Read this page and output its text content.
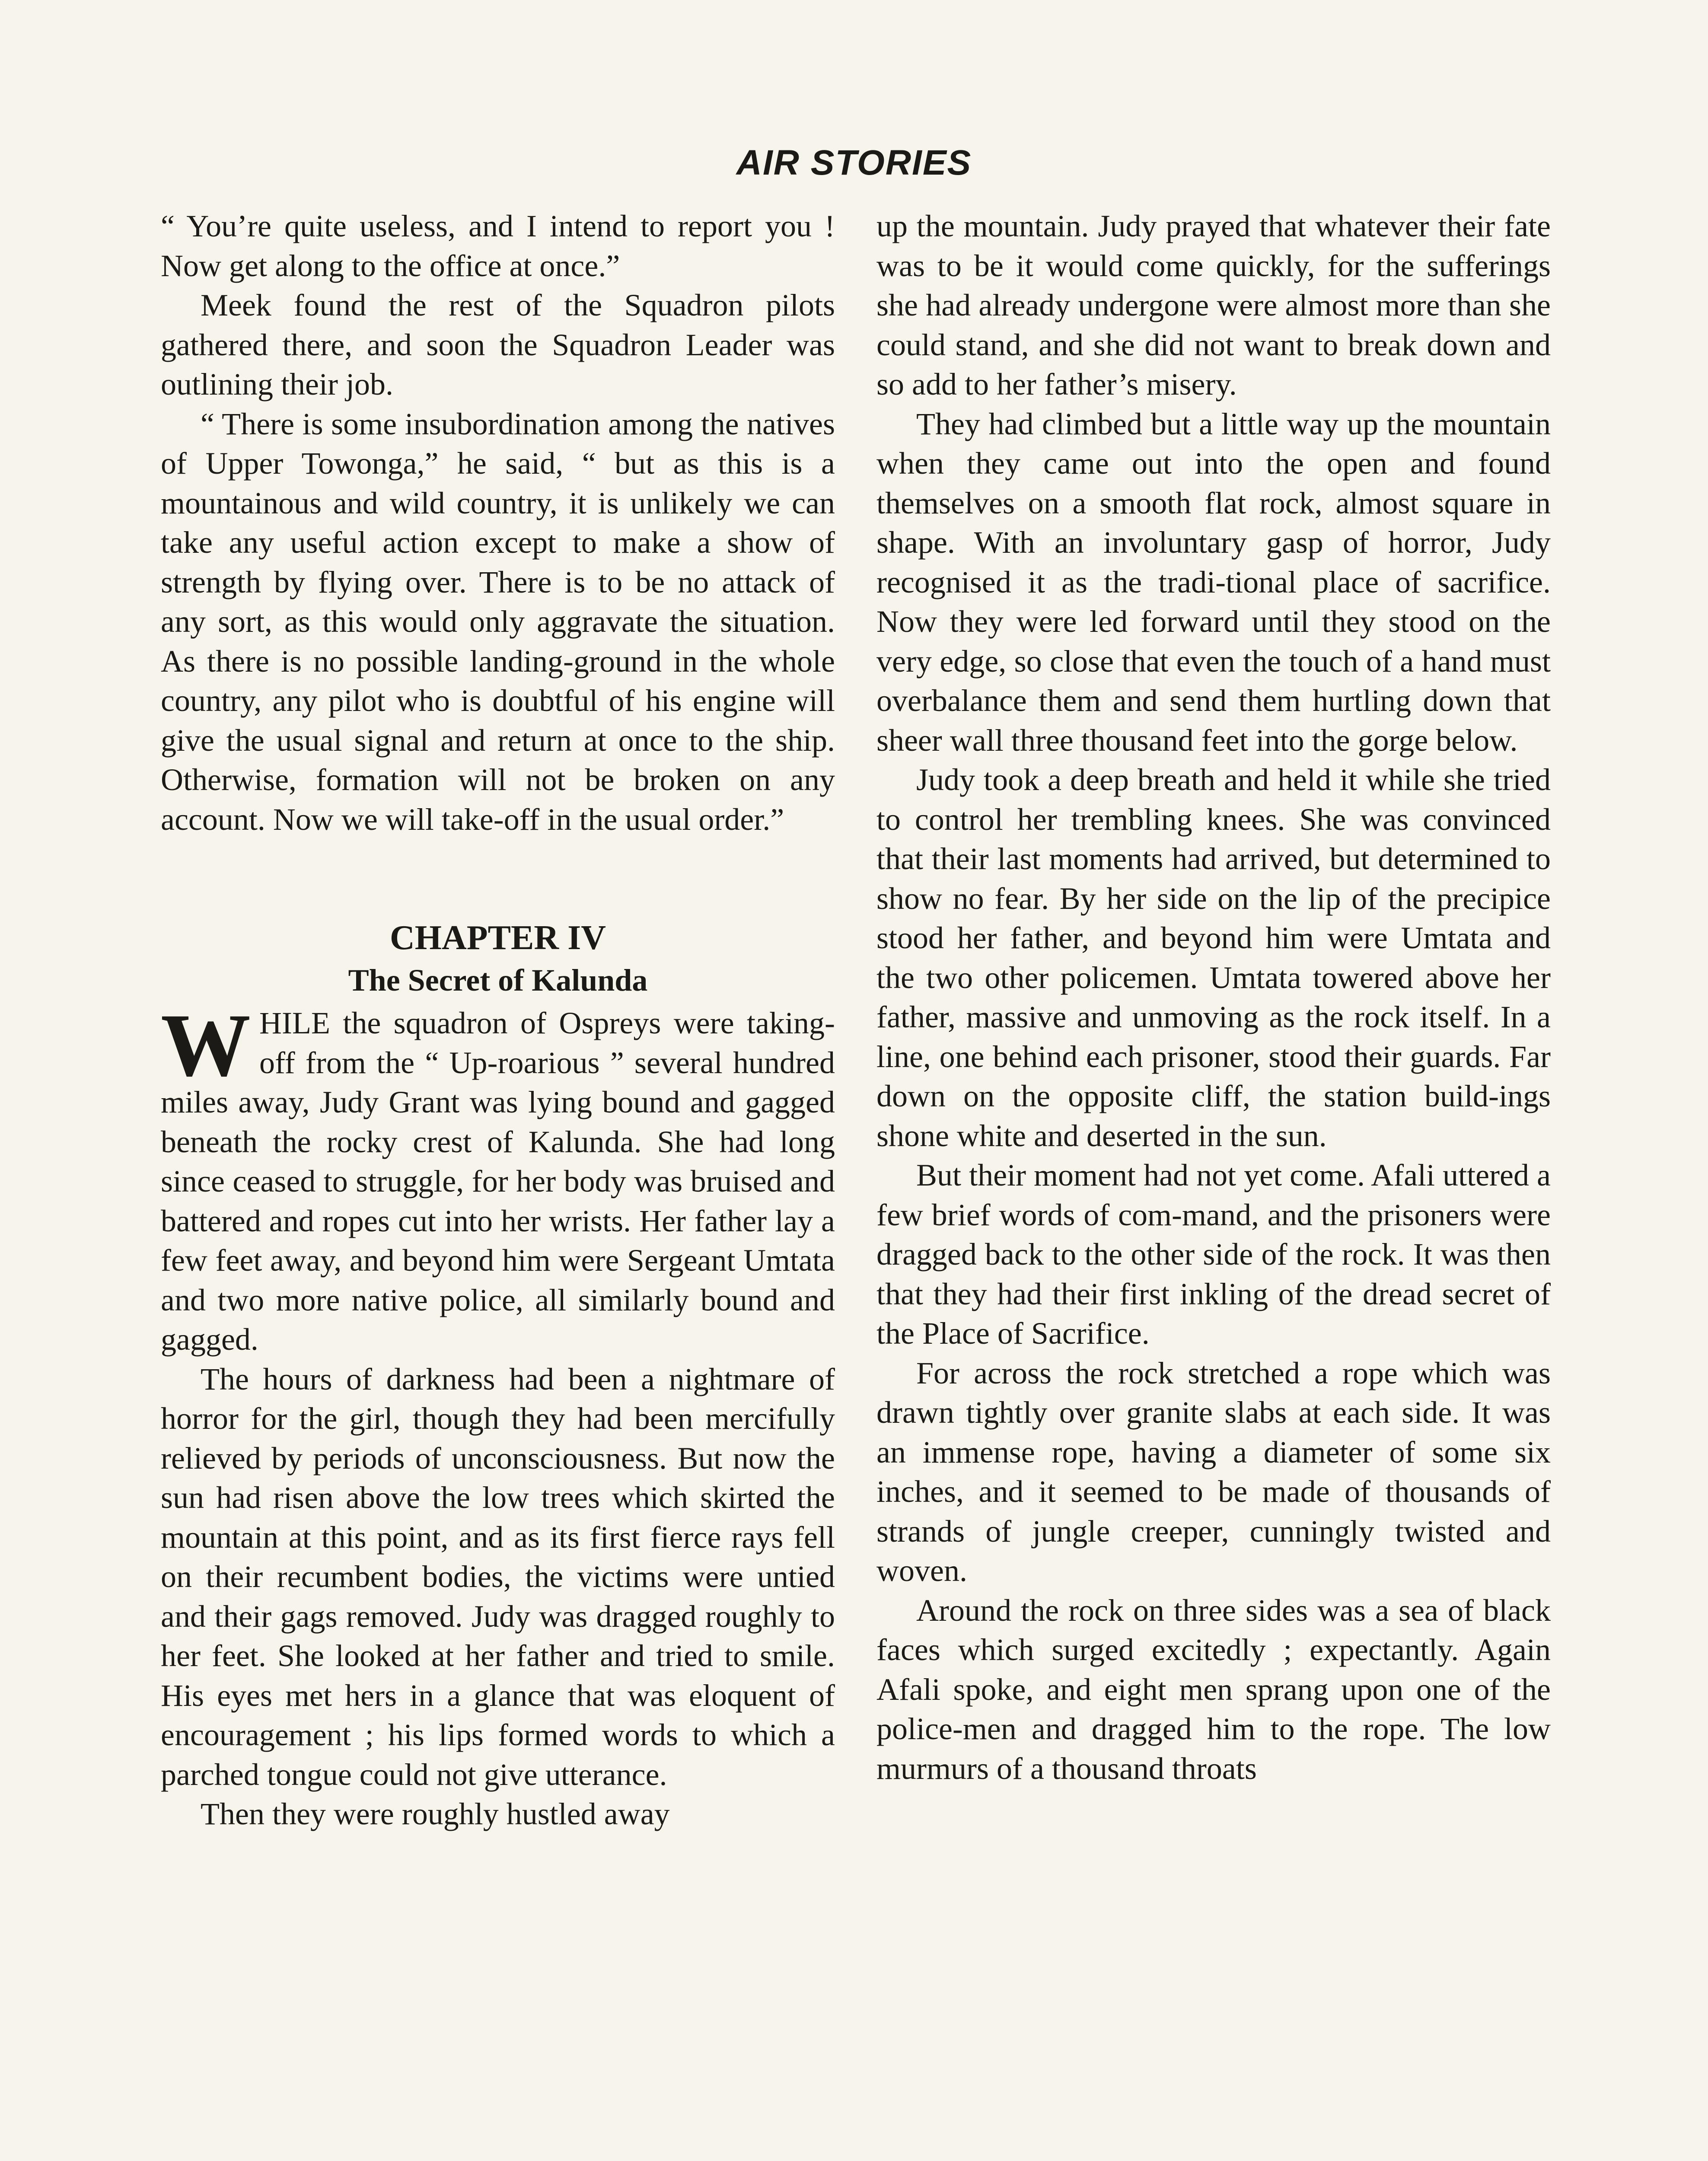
AIR STORIES

“ You’re quite useless, and I intend to report you ! Now get along to the office at once.”

Meek found the rest of the Squadron pilots gathered there, and soon the Squadron Leader was outlining their job.

“ There is some insubordination among the natives of Upper Towonga,” he said, “ but as this is a mountainous and wild country, it is unlikely we can take any useful action except to make a show of strength by flying over. There is to be no attack of any sort, as this would only aggravate the situation. As there is no possible landing-ground in the whole country, any pilot who is doubtful of his engine will give the usual signal and return at once to the ship. Otherwise, formation will not be broken on any account. Now we will take-off in the usual order.”

CHAPTER IV
The Secret of Kalunda

WHILE the squadron of Ospreys were taking-off from the “ Up-roarious ” several hundred miles away, Judy Grant was lying bound and gagged beneath the rocky crest of Kalunda. She had long since ceased to struggle, for her body was bruised and battered and ropes cut into her wrists. Her father lay a few feet away, and beyond him were Sergeant Umtata and two more native police, all similarly bound and gagged.

The hours of darkness had been a nightmare of horror for the girl, though they had been mercifully relieved by periods of unconsciousness. But now the sun had risen above the low trees which skirted the mountain at this point, and as its first fierce rays fell on their recumbent bodies, the victims were untied and their gags removed. Judy was dragged roughly to her feet. She looked at her father and tried to smile. His eyes met hers in a glance that was eloquent of encouragement ; his lips formed words to which a parched tongue could not give utterance.

Then they were roughly hustled away

up the mountain. Judy prayed that whatever their fate was to be it would come quickly, for the sufferings she had already undergone were almost more than she could stand, and she did not want to break down and so add to her father’s misery.

They had climbed but a little way up the mountain when they came out into the open and found themselves on a smooth flat rock, almost square in shape. With an involuntary gasp of horror, Judy recognised it as the tradi-tional place of sacrifice. Now they were led forward until they stood on the very edge, so close that even the touch of a hand must overbalance them and send them hurtling down that sheer wall three thousand feet into the gorge below.

Judy took a deep breath and held it while she tried to control her trembling knees. She was convinced that their last moments had arrived, but determined to show no fear. By her side on the lip of the precipice stood her father, and beyond him were Umtata and the two other policemen. Umtata towered above her father, massive and unmoving as the rock itself. In a line, one behind each prisoner, stood their guards. Far down on the opposite cliff, the station build-ings shone white and deserted in the sun.

But their moment had not yet come. Afali uttered a few brief words of com-mand, and the prisoners were dragged back to the other side of the rock. It was then that they had their first inkling of the dread secret of the Place of Sacrifice.

For across the rock stretched a rope which was drawn tightly over granite slabs at each side. It was an immense rope, having a diameter of some six inches, and it seemed to be made of thousands of strands of jungle creeper, cunningly twisted and woven.

Around the rock on three sides was a sea of black faces which surged excitedly ; expectantly. Again Afali spoke, and eight men sprang upon one of the police-men and dragged him to the rope. The low murmurs of a thousand throats
